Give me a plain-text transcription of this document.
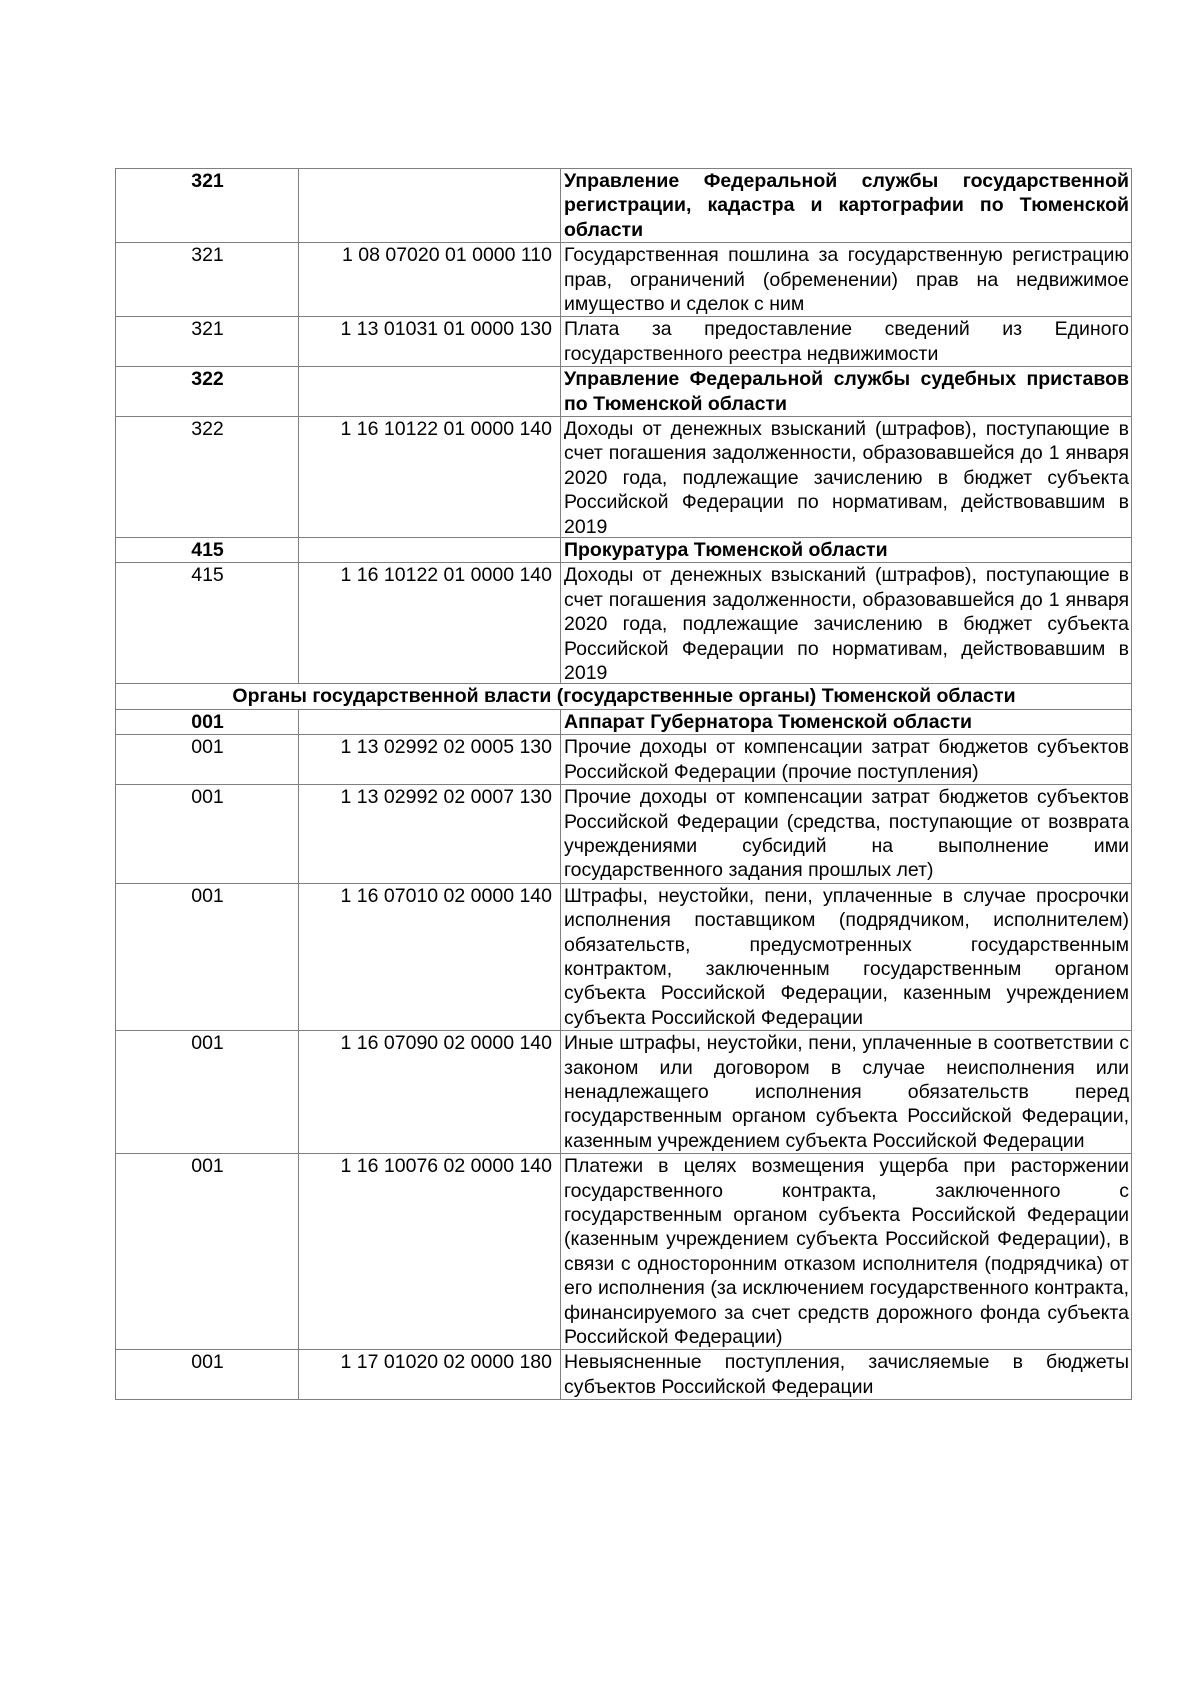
321		Управление Федеральной службы государственной регистрации, кадастра и картографии по Тюменской области

321	1 08 07020 01 0000 110	Государственная пошлина за государственную регистрацию прав, ограничений (обременении) прав на недвижимое имущество и сделок с ним

321	1 13 01031 01 0000 130	Плата за предоставление сведений из Единого государственного реестра недвижимости

322		Управление Федеральной службы судебных приставов по Тюменской области

322	1 16 10122 01 0000 140	Доходы от денежных взысканий (штрафов), поступающие в счет погашения задолженности, образовавшейся до 1 января 2020 года, подлежащие зачислению в бюджет субъекта Российской Федерации по нормативам, действовавшим в 2019

415		Прокуратура Тюменской области

415	1 16 10122 01 0000 140	Доходы от денежных взысканий (штрафов), поступающие в счет погашения задолженности, образовавшейся до 1 января 2020 года, подлежащие зачислению в бюджет субъекта Российской Федерации по нормативам, действовавшим в 2019

Органы государственной власти (государственные органы) Тюменской области		
001		Аппарат Губернатора Тюменской области

001	1 13 02992 02 0005 130	Прочие доходы от компенсации затрат бюджетов субъектов Российской Федерации (прочие поступления)

001	1 13 02992 02 0007 130	Прочие доходы от компенсации затрат бюджетов субъектов Российской Федерации (средства, поступающие от возврата учреждениями субсидий на выполнение ими государственного задания прошлых лет)

001	1 16 07010 02 0000 140	Штрафы, неустойки, пени, уплаченные в случае просрочки исполнения поставщиком (подрядчиком, исполнителем) обязательств, предусмотренных государственным контрактом, заключенным государственным органом субъекта Российской Федерации, казенным учреждением субъекта Российской Федерации

001	1 16 07090 02 0000 140	Иные штрафы, неустойки, пени, уплаченные в соответствии с законом или договором в случае неисполнения или ненадлежащего исполнения обязательств перед государственным органом субъекта Российской Федерации, казенным учреждением субъекта Российской Федерации

001	1 16 10076 02 0000 140	Платежи в целях возмещения ущерба при расторжении государственного контракта, заключенного с государственным органом субъекта Российской Федерации (казенным учреждением субъекта Российской Федерации), в связи с односторонним отказом исполнителя (подрядчика) от его исполнения (за исключением государственного контракта, финансируемого за счет средств дорожного фонда субъекта Российской Федерации)

001	1 17 01020 02 0000 180	Невыясненные поступления, зачисляемые в бюджеты субъектов Российской Федерации
